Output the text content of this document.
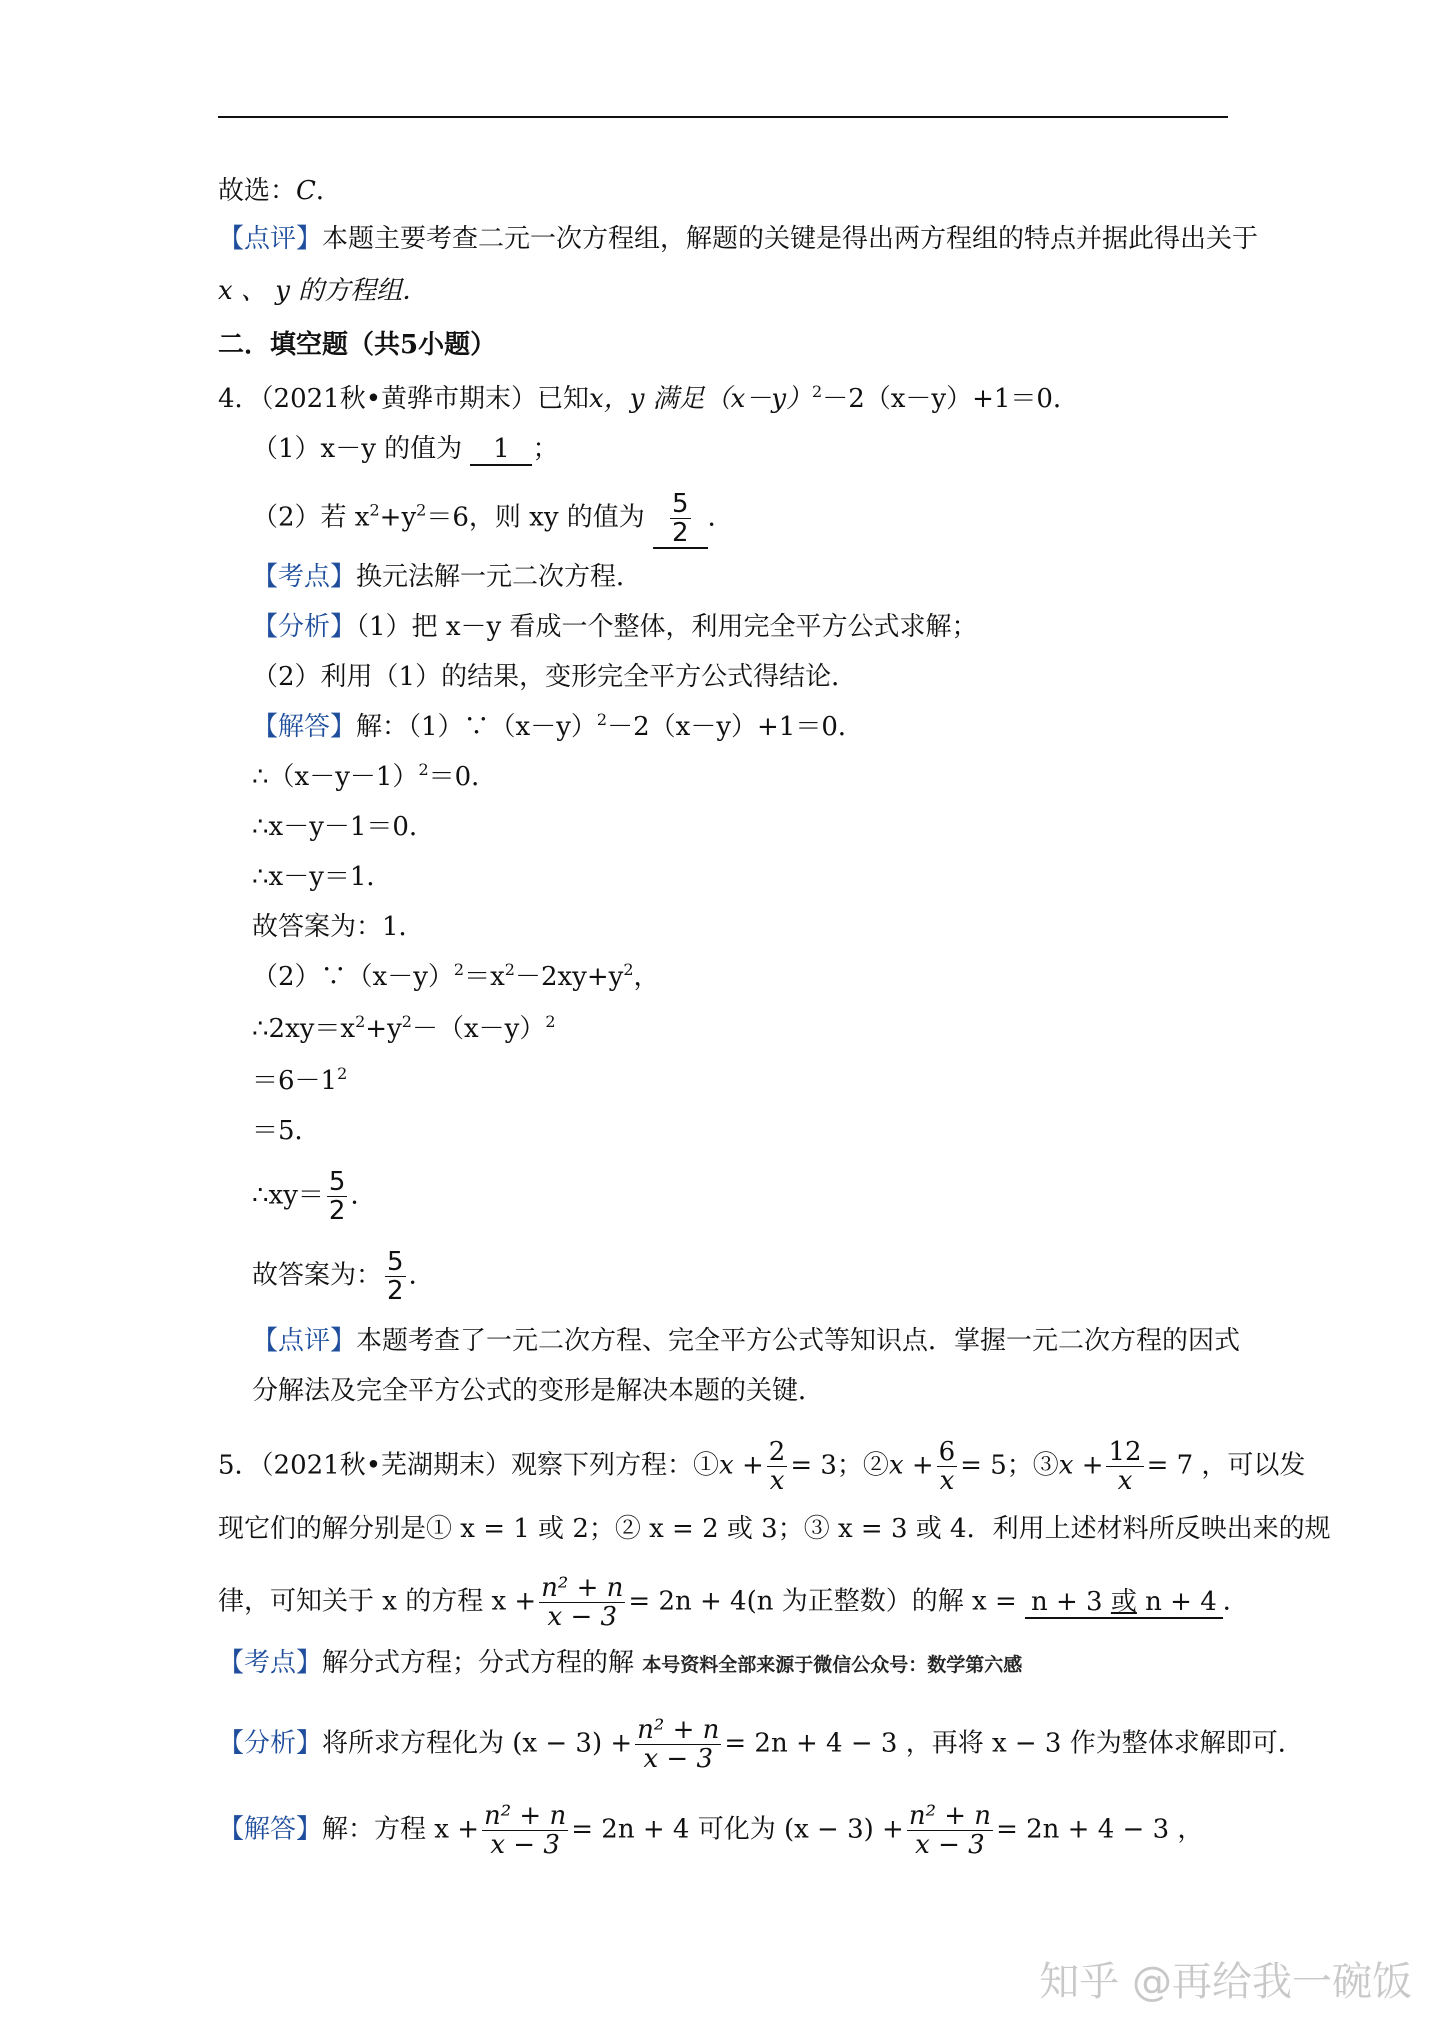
故选：C．
【点评】本题主要考查二元一次方程组，解题的关键是得出两方程组的特点并据此得出关于
x 、 y 的方程组．
二．填空题（共5小题）
4．（2021秋•黄骅市期末）已知x，y 满足$(x-y)^2-2(x-y)+1=0$．
（1）x－y 的值为 1 ；
（2）若 $x^2+y^2=6$，则 xy 的值为 $\frac{5}{2}$ ．
【考点】换元法解一元二次方程．
【分析】（1）把 x－y 看成一个整体，利用完全平方公式求解；
（2）利用（1）的结果，变形完全平方公式得结论．
【解答】解：$(1)\because(x-y)^2-2(x-y)+1=0$．
$\therefore(x-y-1)^2=0$．
∴x－y－1＝0．
∴x－y＝1．
故答案为：1．
$(2)\because(x-y)^2=x^2-2xy+y^2$，
$\therefore 2xy=x^2+y^2-(x-y)^2$
$=6-1^2$
＝5．
∴xy＝ $\frac{5}{2}$ ．
故答案为： $\frac{5}{2}$ ．
【点评】本题考查了一元二次方程、完全平方公式等知识点．掌握一元二次方程的因式
分解法及完全平方公式的变形是解决本题的关键．
5．（2021秋•芜湖期末）观察下列方程：①x + $\frac{2}{x} = 3$；②x + $\frac{6}{x} = 5$；③x + $\frac{12}{x} = 7$ ，可以发
现它们的解分别是① x = 1 或 2；② x = 2 或 3；③ x = 3 或 4．利用上述材料所反映出来的规
律，可知关于 x 的方程 $x + \frac{\text{n² + n}}{x - 3} = 2n + 4(n$ 为正整数）的解 x = n + 3 或 n + 4 ．
【考点】解分式方程；分式方程的解 本号资料全部来源于微信公众号：数学第六感
【分析】将所求方程化为 $(x - 3) + \frac{\text{n² + n}}{x - 3} = 2n + 4 - 3$ ，再将 x − 3 作为整体求解即可．
【解答】解：方程 $x + \frac{\text{n² + n}}{x - 3} = 2n + 4$ 可化为 $(x - 3) + \frac{\text{n² + n}}{x - 3} = 2n + 4 - 3$ ，
知乎 @再给我一碗饭
